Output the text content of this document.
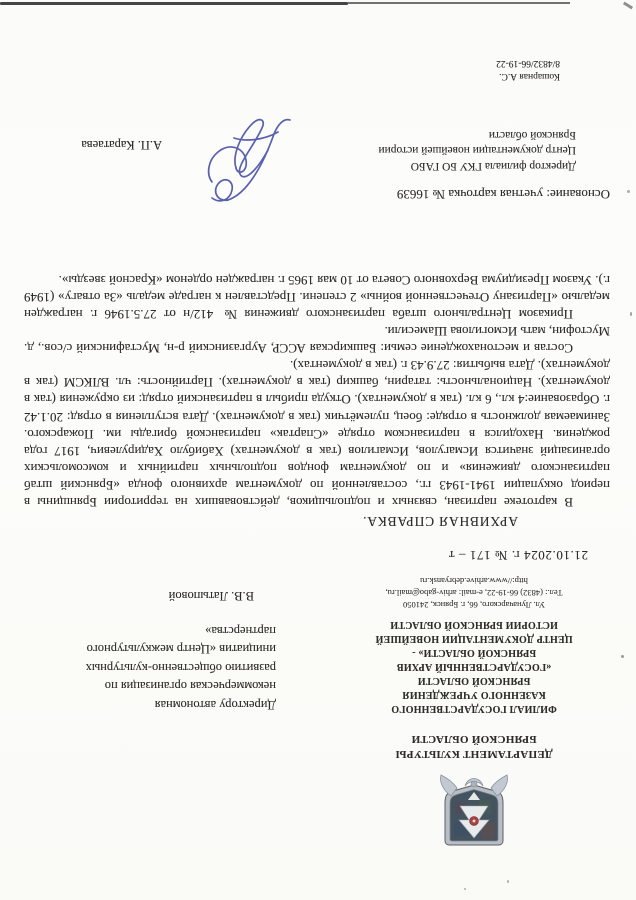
ДЕПАРТАМЕНТ КУЛЬТУРЫ
БРЯНСКОЙ ОБЛАСТИ
ФИЛИАЛ ГОСУДАРСТВЕННОГО
КАЗЕННОГО УЧРЕЖДЕНИЯ
БРЯНСКОЙ ОБЛАСТИ
«ГОСУДАРСТВЕННЫЙ АРХИВ
БРЯНСКОЙ ОБЛАСТИ» -
ЦЕНТР ДОКУМЕНТАЦИИ НОВЕЙШЕЙ
ИСТОРИИ БРЯНСКОЙ ОБЛАСТИ
Ул. Луначарского, 66, г. Брянск, 241050
Тел.: (4832) 66-19-22, e-mail: arhiv-gabo@mail.ru,
http://www.arhive.debryansk.ru
Директору автономная
некоммерческая организация по
развитию общественно-культурных
инициатив «Центр межкультурного
партнерства»
В.В. Латыповой
21.10.2024 г. № 171 – т
АРХИВНАЯ СПРАВКА.

В картотеке партизан, связных и подпольщиков, действовавших на территории Брянщины в период оккупации 1941-1943 гг., составленной по документам архивного фонда «Брянский штаб партизанского движения» и по документам фондов подпольных партийных и комсомольских организаций значится Исмагулов, Исмагилов (так в документах) Хабибуло Хадирулевич, 1917 года рождения. Находился в партизанском отряде «Спартак» партизанской бригады им. Пожарского. Занимаемая должность в отряде: боец, пулемётчик (так в документах). Дата вступления в отряд: 20.1.42 г. Образование:4 кл., 6 кл. (так в документах). Откуда прибыл в партизанский отряд: из окружения (так в документах). Национальность: татарин, башкир (так в документах). Партийность: чл. ВЛКСМ (так в документах). Дата выбытия: 27.9.43 г. (так в документах).

Состав и местонахождение семьи: Башкирская АССР, Аургазинский р-н, Мустафинский с/сов., д. Мустофин, мать Исмогилова Шамесили.

Приказом Центрального штаба партизанского движения № 412/н от 27.5.1946 г. награжден медалью «Партизану Отечественной войны» 2 степени. Представлен к награде медаль «За отвагу» (1949 г.). Указом Президиума Верховного Совета от 10 мая 1965 г. награжден орденом «Красной звезды».

Основание: учетная карточка № 16639
Директор филиала ГКУ БО ГАБО
Центр документации новейшей истории
Брянской области
А.П. Каратаева
Кошарная А.С.
8/4832/66-19-22
